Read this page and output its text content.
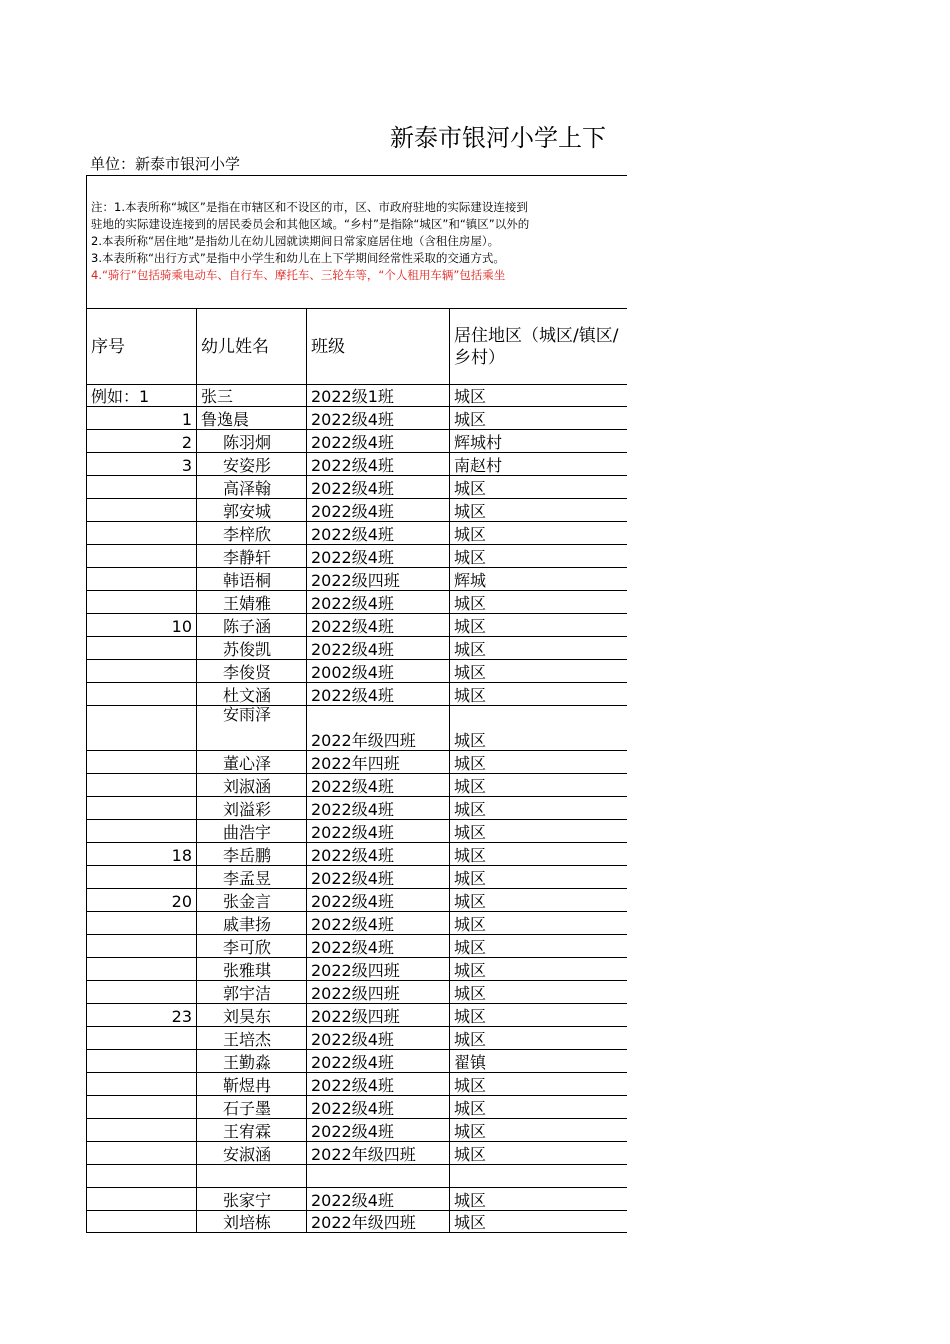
新泰市银河小学上下
单位：新泰市银河小学
注：1.本表所称“城区”是指在市辖区和不设区的市，区、市政府驻地的实际建设连接到
驻地的实际建设连接到的居民委员会和其他区域。“乡村”是指除“城区”和“镇区”以外的
2.本表所称“居住地”是指幼儿在幼儿园就读期间日常家庭居住地（含租住房屋）。
3.本表所称“出行方式”是指中小学生和幼儿在上下学期间经常性采取的交通方式。
4.“骑行”包括骑乘电动车、自行车、摩托车、三轮车等，“个人租用车辆”包括乘坐
序号	幼儿姓名	班级	居住地区（城区/镇区/乡村）
例如：1	张三	2022级1班	城区
1	鲁逸晨	2022级4班	城区
2	陈羽炯	2022级4班	辉城村
3	安姿彤	2022级4班	南赵村
	高泽翰	2022级4班	城区
	郭安城	2022级4班	城区
	李梓欣	2022级4班	城区
	李静轩	2022级4班	城区
	韩语桐	2022级四班	辉城
	王婧雅	2022级4班	城区
10	陈子涵	2022级4班	城区
	苏俊凯	2022级4班	城区
	李俊贤	2002级4班	城区
	杜文涵	2022级4班	城区
	安雨泽	2022年级四班	城区
	董心泽	2022年四班	城区
	刘淑涵	2022级4班	城区
	刘溢彩	2022级4班	城区
	曲浩宇	2022级4班	城区
18	李岳鹏	2022级4班	城区
	李孟昱	2022级4班	城区
20	张金言	2022级4班	城区
	戚聿扬	2022级4班	城区
	李可欣	2022级4班	城区
	张雅琪	2022级四班	城区
	郭宇洁	2022级四班	城区
23	刘昊东	2022级四班	城区
	王培杰	2022级4班	城区
	王勤淼	2022级4班	翟镇
	靳煜冉	2022级4班	城区
	石子墨	2022级4班	城区
	王宥霖	2022级4班	城区
	安淑涵	2022年级四班	城区

	张家宁	2022级4班	城区
	刘培栋	2022年级四班	城区
